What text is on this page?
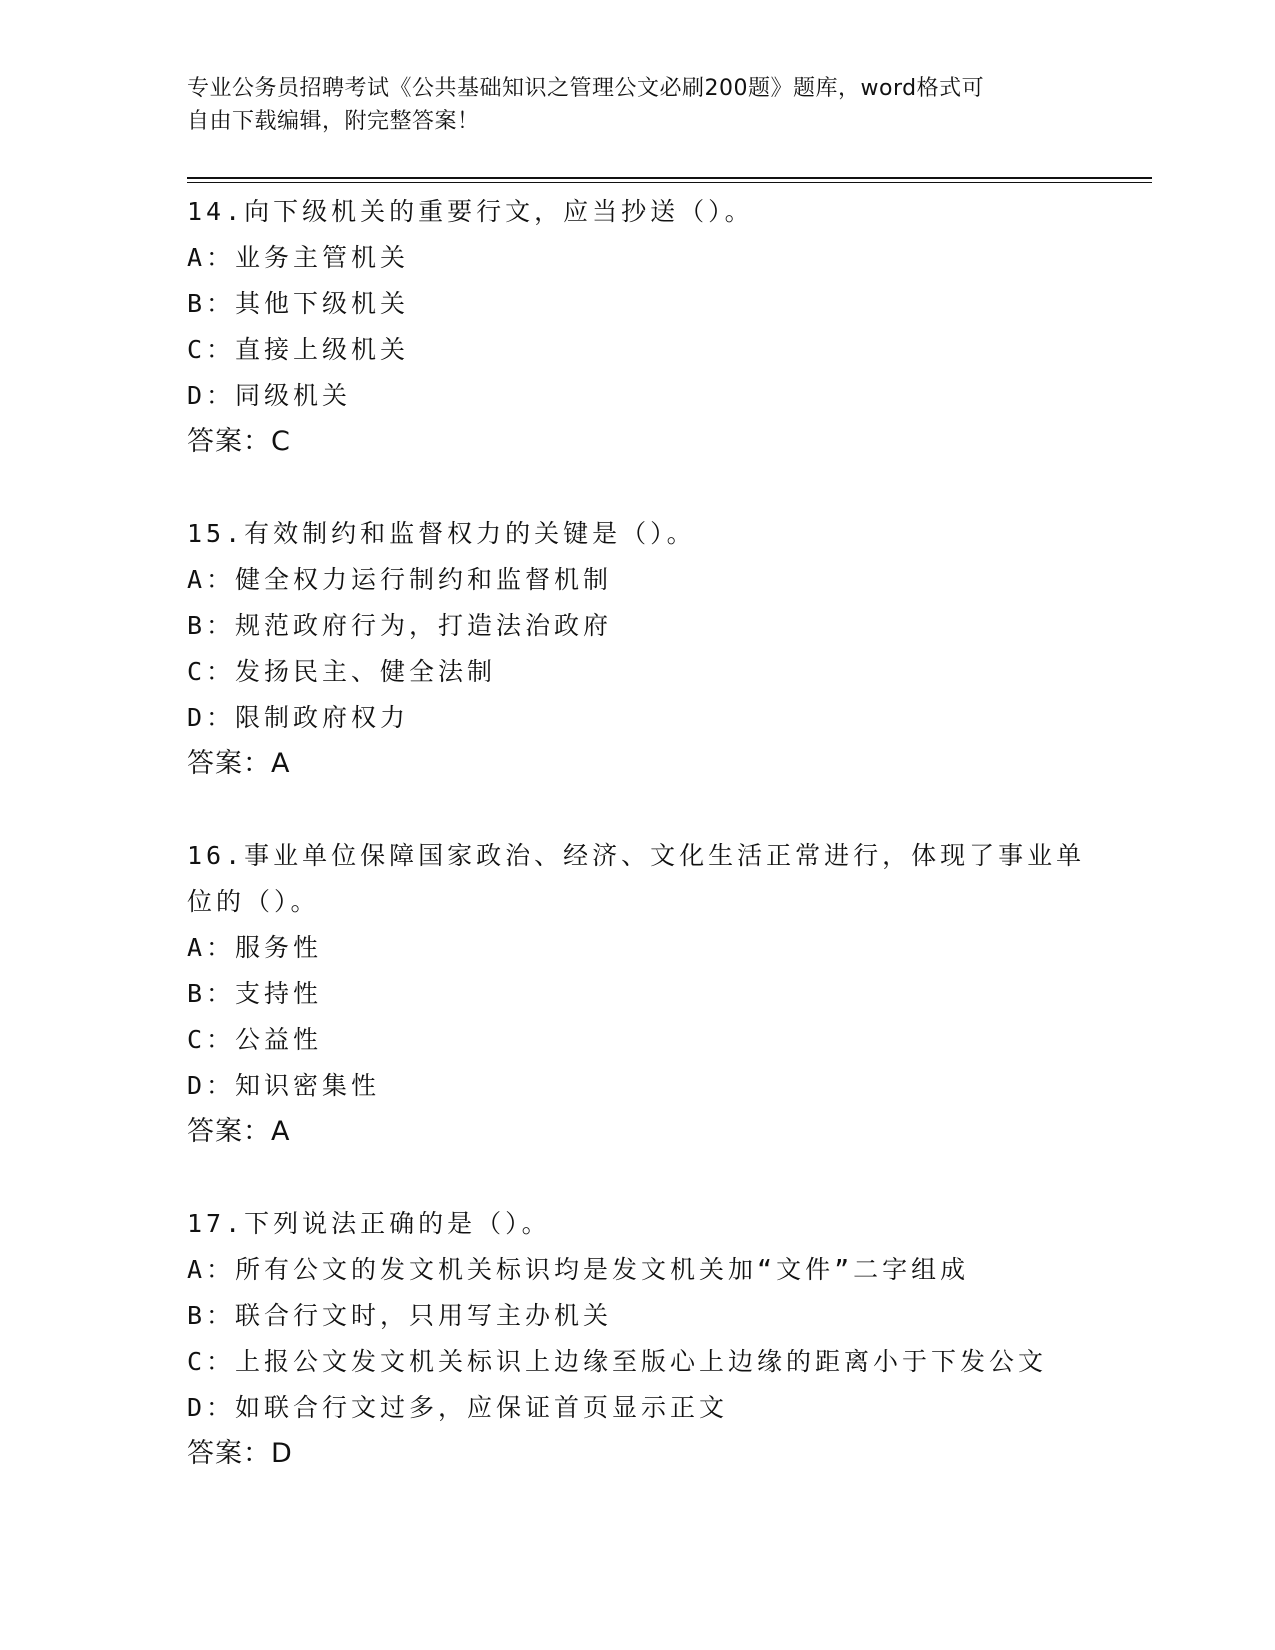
专业公务员招聘考试《公共基础知识之管理公文必刷200题》题库，word格式可
自由下载编辑，附完整答案！
14.向下级机关的重要行文，应当抄送（）。
A：业务主管机关
B：其他下级机关
C：直接上级机关
D：同级机关
答案：C
15.有效制约和监督权力的关键是（）。
A：健全权力运行制约和监督机制
B：规范政府行为，打造法治政府
C：发扬民主、健全法制
D：限制政府权力
答案：A
16.事业单位保障国家政治、经济、文化生活正常进行，体现了事业单位的（）。
A：服务性
B：支持性
C：公益性
D：知识密集性
答案：A
17.下列说法正确的是（）。
A：所有公文的发文机关标识均是发文机关加“文件”二字组成
B：联合行文时，只用写主办机关
C：上报公文发文机关标识上边缘至版心上边缘的距离小于下发公文
D：如联合行文过多，应保证首页显示正文
答案：D
